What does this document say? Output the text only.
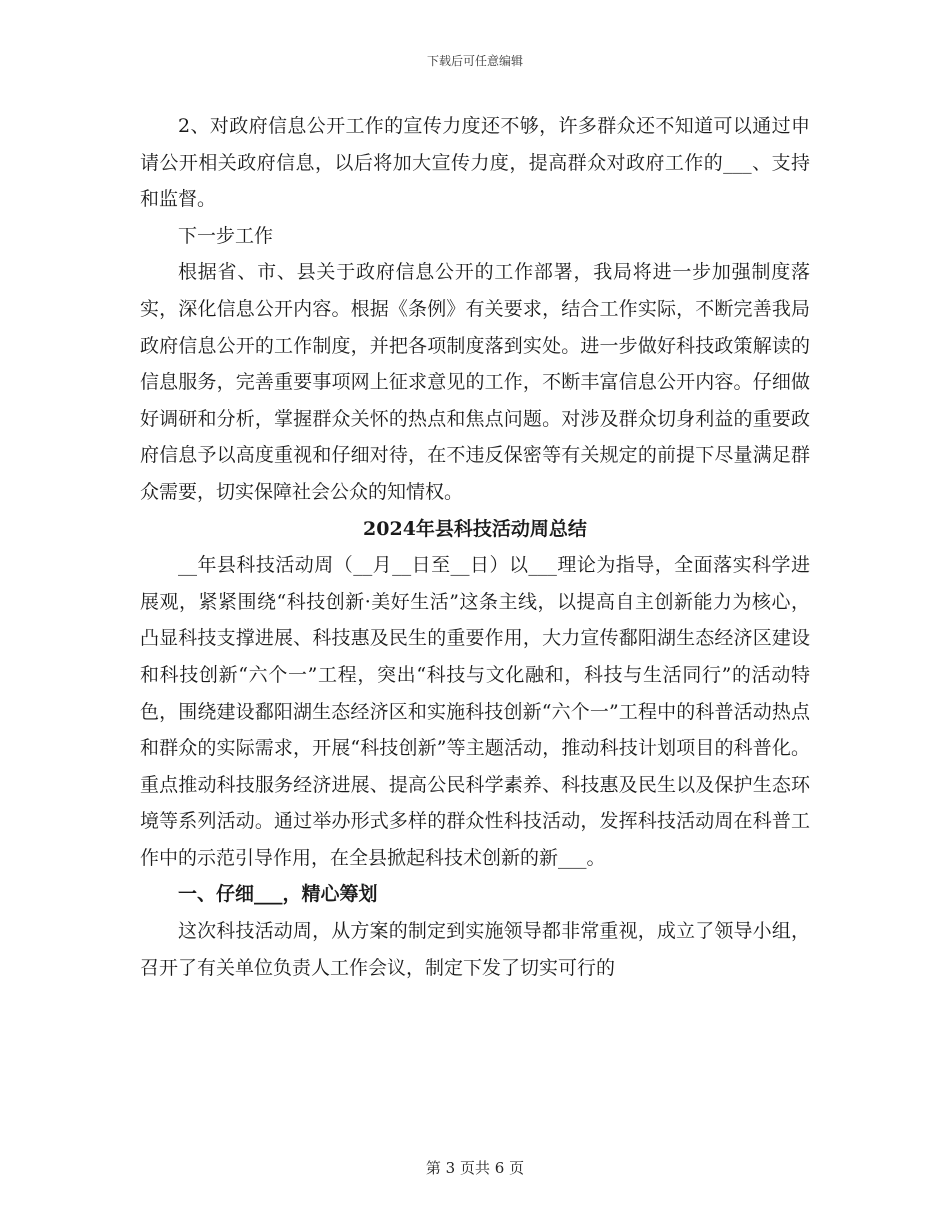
下载后可任意编辑

2、对政府信息公开工作的宣传力度还不够，许多群众还不知道可以通过申请公开相关政府信息，以后将加大宣传力度，提高群众对政府工作的___、支持和监督。

下一步工作

根据省、市、县关于政府信息公开的工作部署，我局将进一步加强制度落实，深化信息公开内容。根据《条例》有关要求，结合工作实际，不断完善我局政府信息公开的工作制度，并把各项制度落到实处。进一步做好科技政策解读的信息服务，完善重要事项网上征求意见的工作，不断丰富信息公开内容。仔细做好调研和分析，掌握群众关怀的热点和焦点问题。对涉及群众切身利益的重要政府信息予以高度重视和仔细对待，在不违反保密等有关规定的前提下尽量满足群众需要，切实保障社会公众的知情权。

2024年县科技活动周总结

__年县科技活动周（__月__日至__日）以___理论为指导，全面落实科学进展观，紧紧围绕“科技创新·美好生活”这条主线，以提高自主创新能力为核心，凸显科技支撑进展、科技惠及民生的重要作用，大力宣传鄱阳湖生态经济区建设和科技创新“六个一”工程，突出“科技与文化融和，科技与生活同行”的活动特色，围绕建设鄱阳湖生态经济区和实施科技创新“六个一”工程中的科普活动热点和群众的实际需求，开展“科技创新”等主题活动，推动科技计划项目的科普化。重点推动科技服务经济进展、提高公民科学素养、科技惠及民生以及保护生态环境等系列活动。通过举办形式多样的群众性科技活动，发挥科技活动周在科普工作中的示范引导作用，在全县掀起科技术创新的新___。

一、仔细___，精心筹划

这次科技活动周，从方案的制定到实施领导都非常重视，成立了领导小组，召开了有关单位负责人工作会议，制定下发了切实可行的

第 3 页共 6 页
